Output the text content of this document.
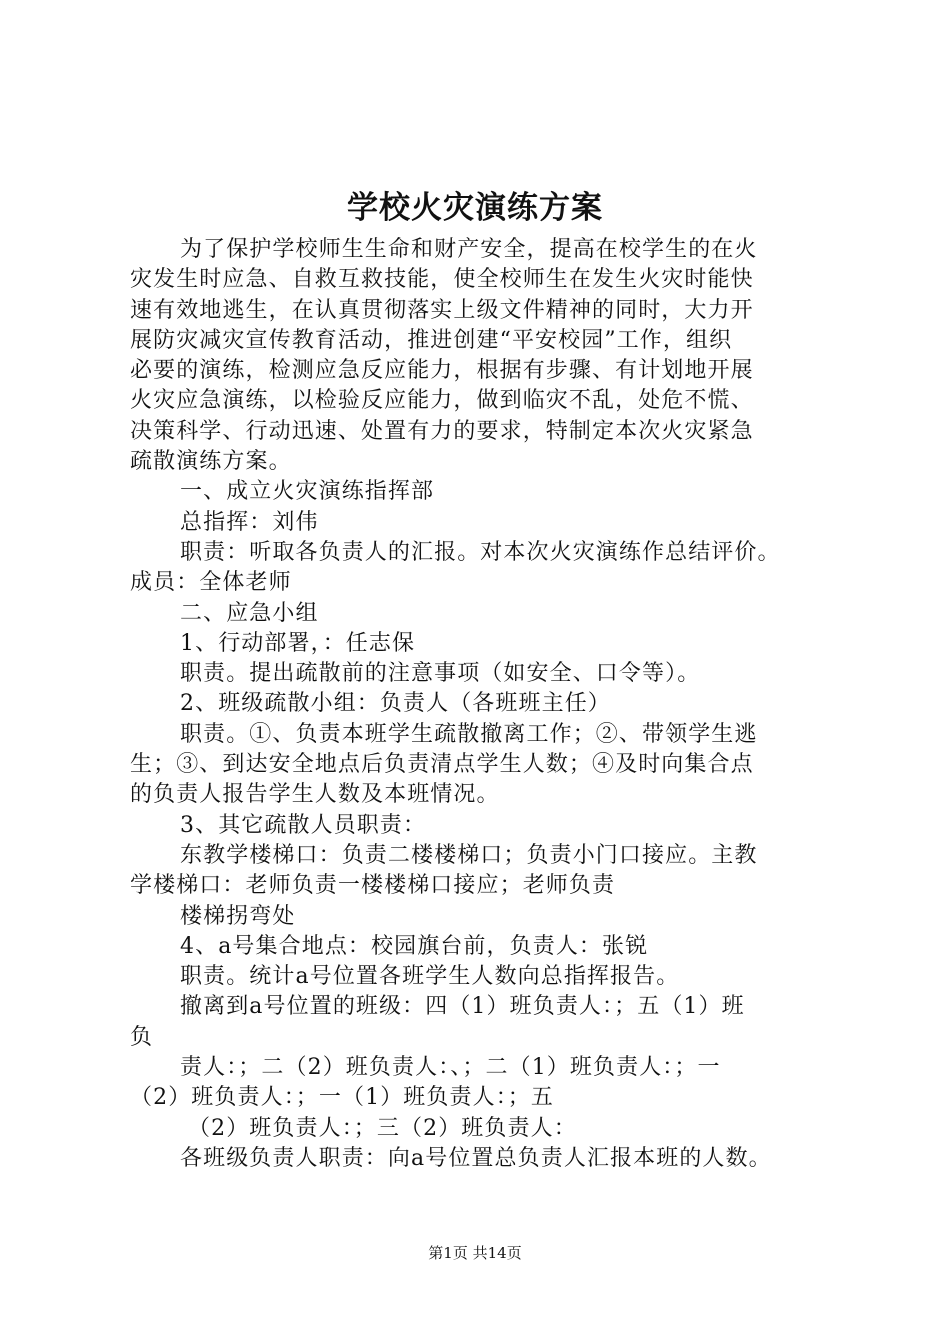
学校火灾演练方案
为了保护学校师生生命和财产安全，提高在校学生的在火
灾发生时应急、自救互救技能，使全校师生在发生火灾时能快
速有效地逃生，在认真贯彻落实上级文件精神的同时，大力开
展防灾减灾宣传教育活动，推进创建“平安校园”工作，组织
必要的演练，检测应急反应能力，根据有步骤、有计划地开展
火灾应急演练，以检验反应能力，做到临灾不乱，处危不慌、
决策科学、行动迅速、处置有力的要求，特制定本次火灾紧急
疏散演练方案。
一、成立火灾演练指挥部
总指挥：刘伟
职责：听取各负责人的汇报。对本次火灾演练作总结评价。
成员：全体老师
二、应急小组
1、行动部署，：任志保
职责。提出疏散前的注意事项（如安全、口令等）。
2、班级疏散小组：负责人（各班班主任）
职责。①、负责本班学生疏散撤离工作；②、带领学生逃
生；③、到达安全地点后负责清点学生人数；④及时向集合点
的负责人报告学生人数及本班情况。
3、其它疏散人员职责：
东教学楼梯口：负责二楼楼梯口；负责小门口接应。主教
学楼梯口：老师负责一楼楼梯口接应；老师负责
楼梯拐弯处
4、a号集合地点：校园旗台前，负责人：张锐
职责。统计a号位置各班学生人数向总指挥报告。
撤离到a号位置的班级：四（1）班负责人：；五（1）班
负
责人：；二（2）班负责人：、；二（1）班负责人：；一
（2）班负责人：；一（1）班负责人：；五
（2）班负责人：；三（2）班负责人：
各班级负责人职责：向a号位置总负责人汇报本班的人数。
第1页 共14页
